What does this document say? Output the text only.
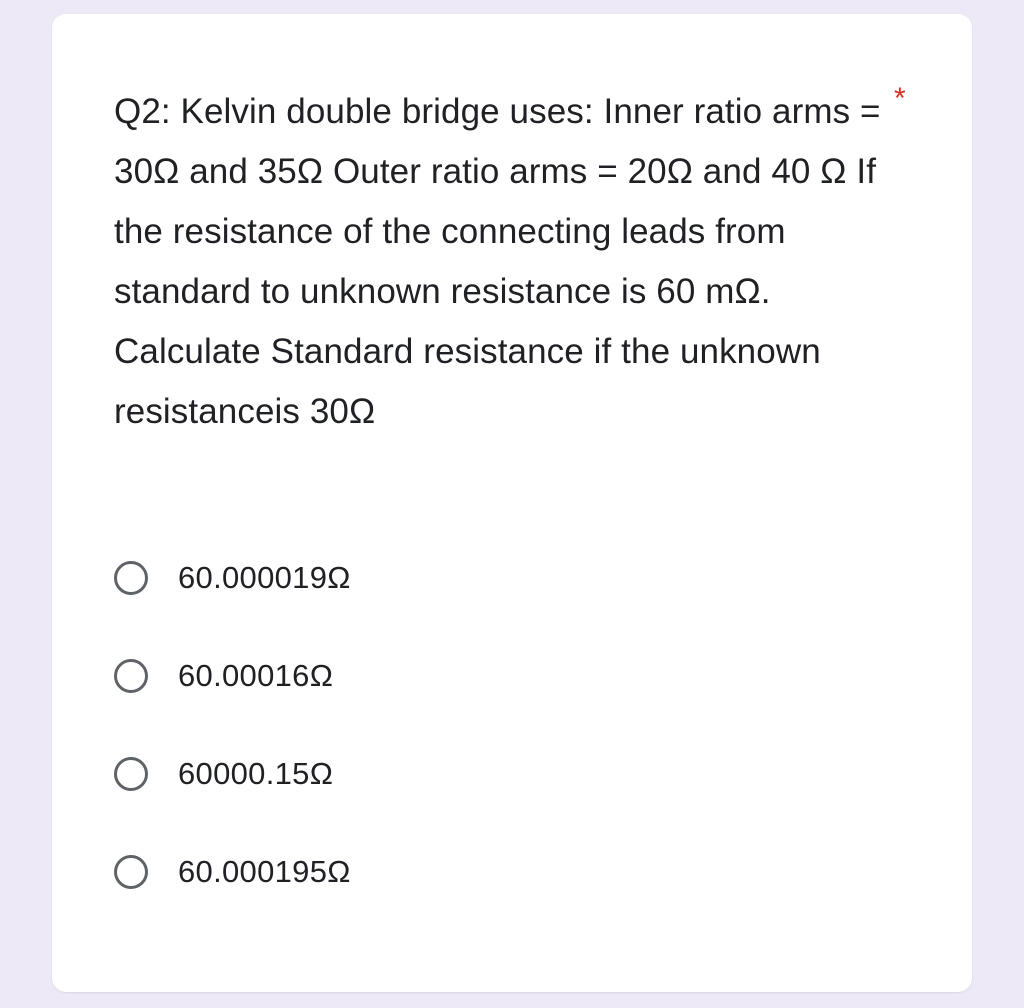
Q2: Kelvin double bridge uses: Inner ratio arms = 30Ω and 35Ω Outer ratio arms = 20Ω and 40 Ω If the resistance of the connecting leads from standard to unknown resistance is 60 mΩ. Calculate Standard resistance if the unknown resistanceis 30Ω

*
60.000019Ω
60.00016Ω
60000.15Ω
60.000195Ω
